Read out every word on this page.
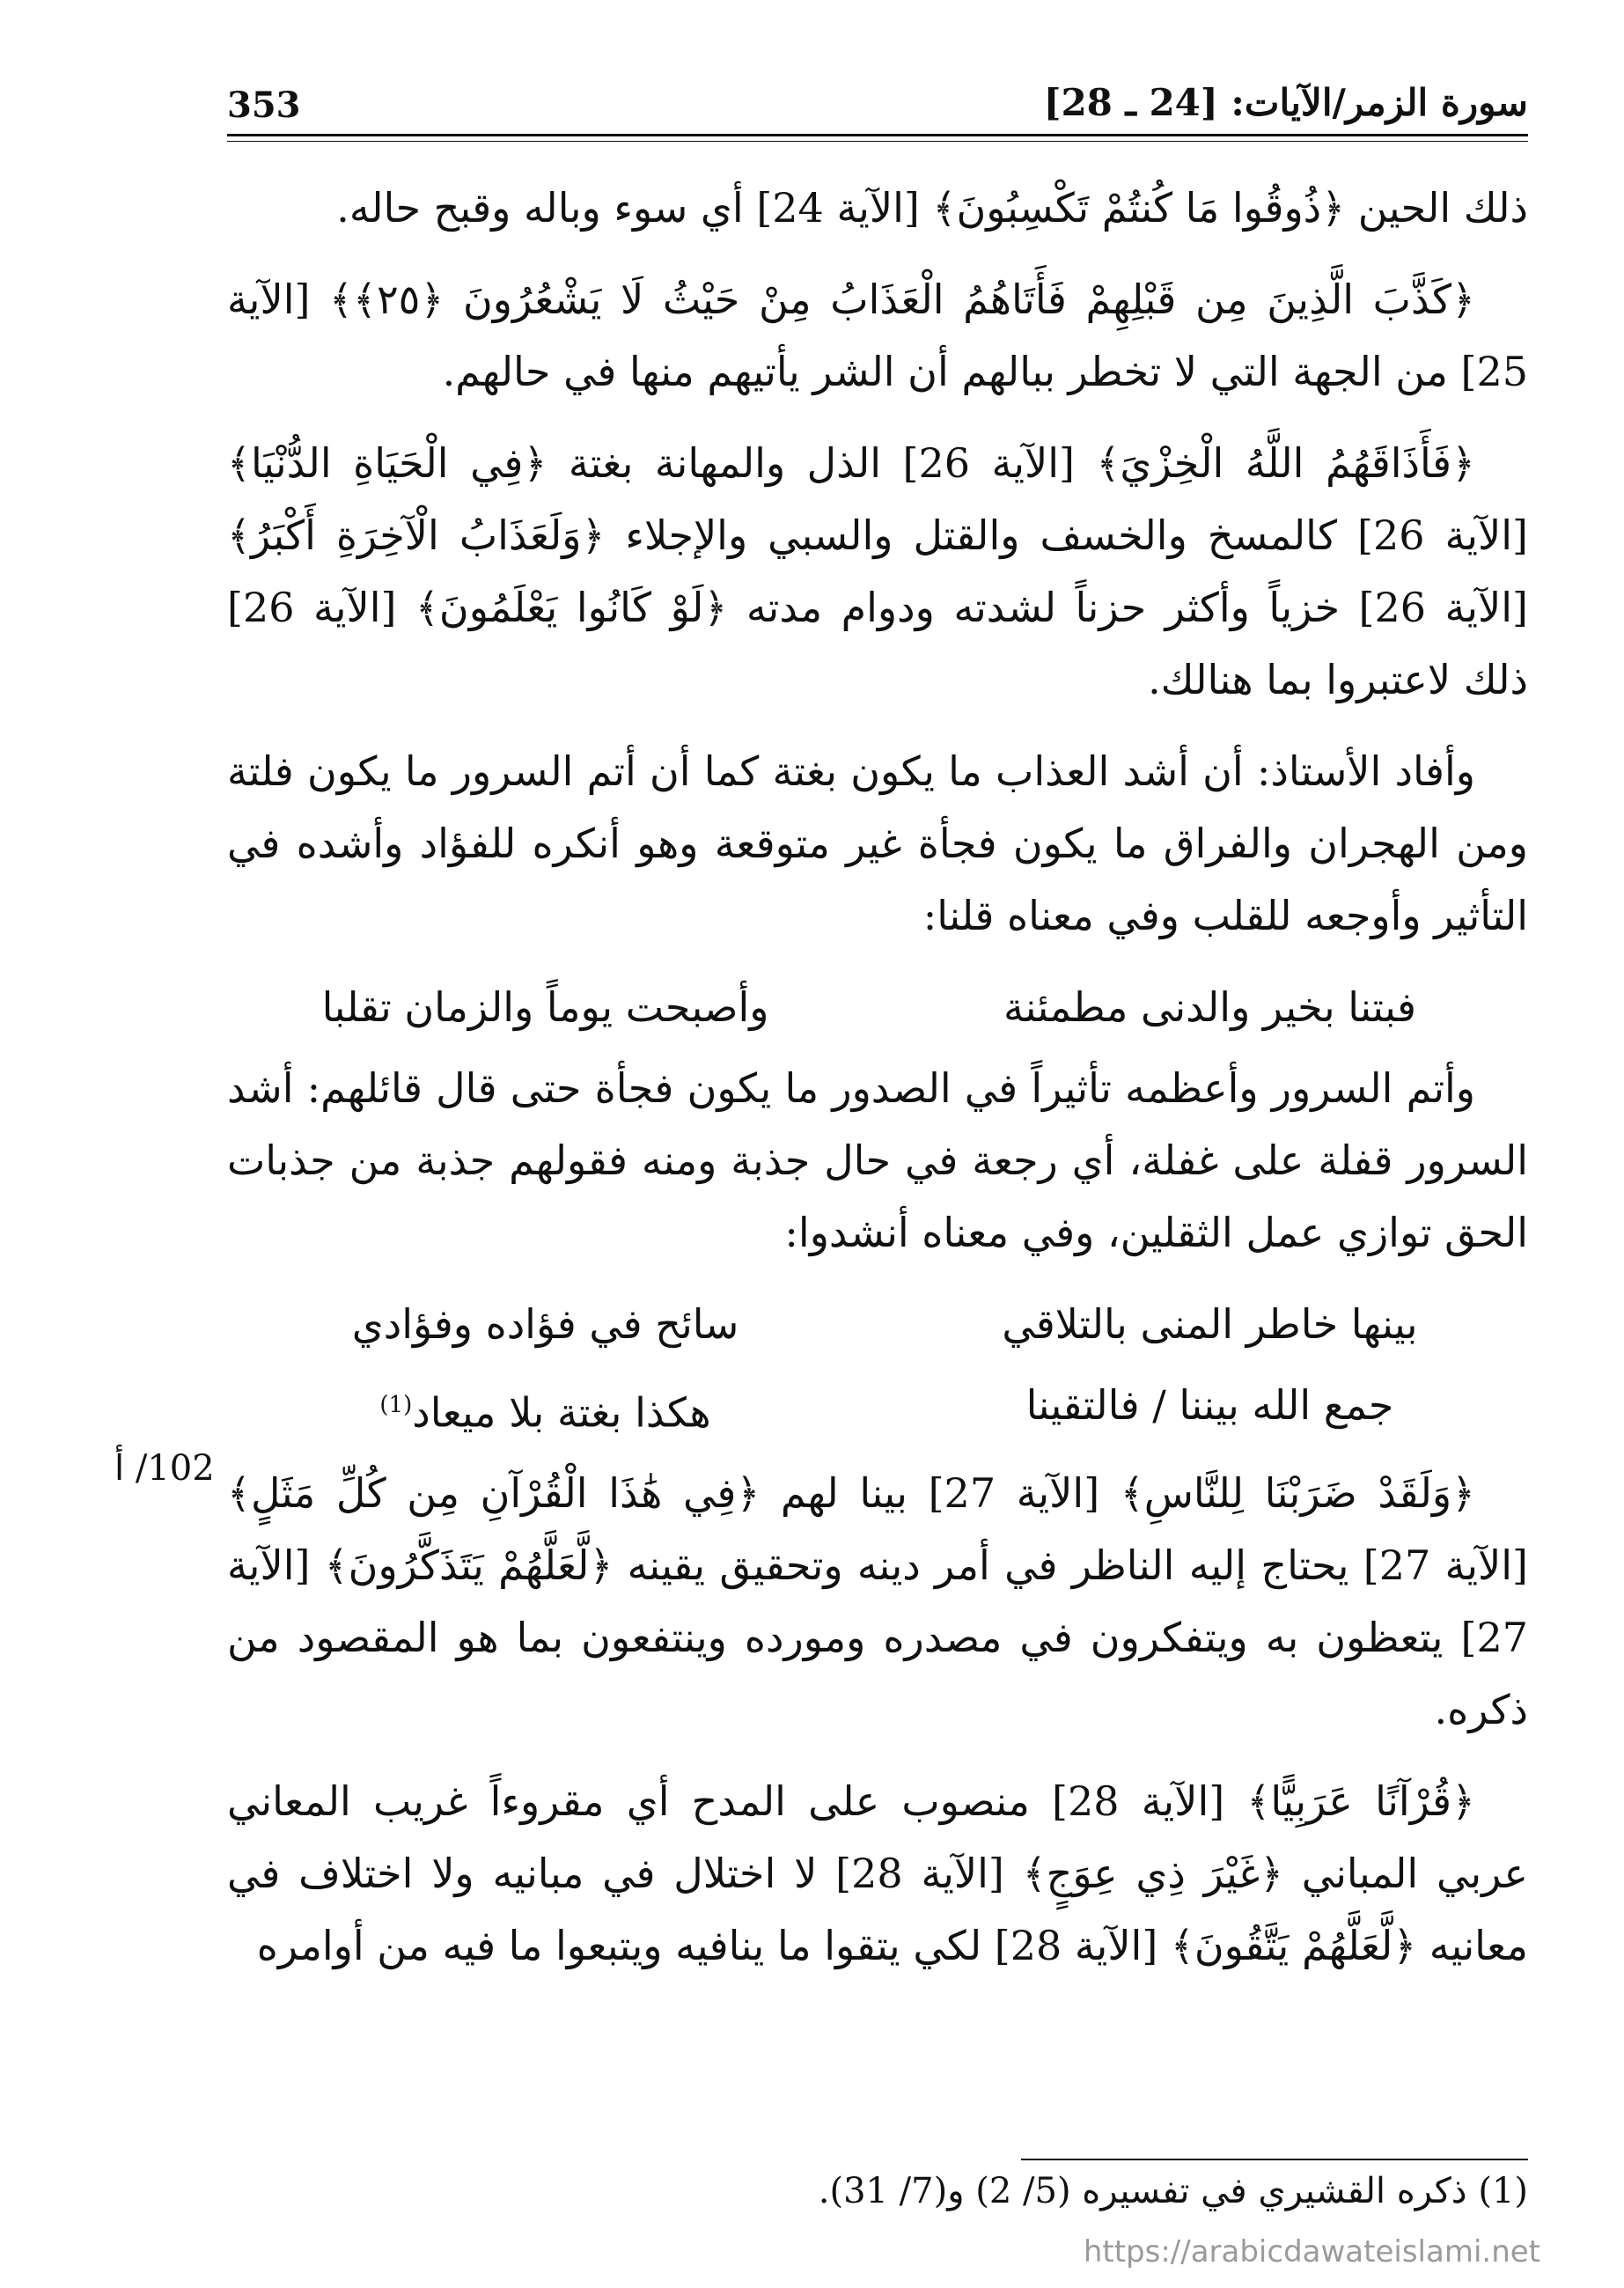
353	سورة الزمر/الآيات: [24 ـ 28]

ذلك الحين ﴿ذُوقُوا مَا كُنتُمْ تَكْسِبُونَ﴾ [الآية 24] أي سوء وباله وقبح حاله.

﴿كَذَّبَ الَّذِينَ مِن قَبْلِهِمْ فَأَتَاهُمُ الْعَذَابُ مِنْ حَيْثُ لَا يَشْعُرُونَ ﴿٢٥﴾﴾ [الآية 25] من الجهة التي لا تخطر ببالهم أن الشر يأتيهم منها في حالهم.

﴿فَأَذَاقَهُمُ اللَّهُ الْخِزْيَ﴾ [الآية 26] الذل والمهانة بغتة ﴿فِي الْحَيَاةِ الدُّنْيَا﴾ [الآية 26] كالمسخ والخسف والقتل والسبي والإجلاء ﴿وَلَعَذَابُ الْآخِرَةِ أَكْبَرُ﴾ [الآية 26] خزياً وأكثر حزناً لشدته ودوام مدته ﴿لَوْ كَانُوا يَعْلَمُونَ﴾ [الآية 26] ذلك لاعتبروا بما هنالك.

وأفاد الأستاذ: أن أشد العذاب ما يكون بغتة كما أن أتم السرور ما يكون فلتة ومن الهجران والفراق ما يكون فجأة غير متوقعة وهو أنكره للفؤاد وأشده في التأثير وأوجعه للقلب وفي معناه قلنا:

فبتنا بخير والدنى مطمئنة
وأصبحت يوماً والزمان تقلبا

وأتم السرور وأعظمه تأثيراً في الصدور ما يكون فجأة حتى قال قائلهم: أشد السرور قفلة على غفلة، أي رجعة في حال جذبة ومنه فقولهم جذبة من جذبات الحق توازي عمل الثقلين، وفي معناه أنشدوا:

بينها خاطر المنى بالتلاقي
سائح في فؤاده وفؤادي
جمع الله بيننا / فالتقينا
هكذا بغتة بلا ميعاد$^{(1)}$

﴿وَلَقَدْ ضَرَبْنَا لِلنَّاسِ﴾ [الآية 27] بينا لهم ﴿فِي هَٰذَا الْقُرْآنِ مِن كُلِّ مَثَلٍ﴾ [الآية 27] يحتاج إليه الناظر في أمر دينه وتحقيق يقينه ﴿لَّعَلَّهُمْ يَتَذَكَّرُونَ﴾ [الآية 27] يتعظون به ويتفكرون في مصدره ومورده وينتفعون بما هو المقصود من ذكره.

﴿قُرْآنًا عَرَبِيًّا﴾ [الآية 28] منصوب على المدح أي مقروءاً غريب المعاني عربي المباني ﴿غَيْرَ ذِي عِوَجٍ﴾ [الآية 28] لا اختلال في مبانيه ولا اختلاف في معانيه ﴿لَّعَلَّهُمْ يَتَّقُونَ﴾ [الآية 28] لكي يتقوا ما ينافيه ويتبعوا ما فيه من أوامره

102/ أ
(1) ذكره القشيري في تفسيره (5/ 2) و(7/ 31).
https://arabicdawateislami.net
